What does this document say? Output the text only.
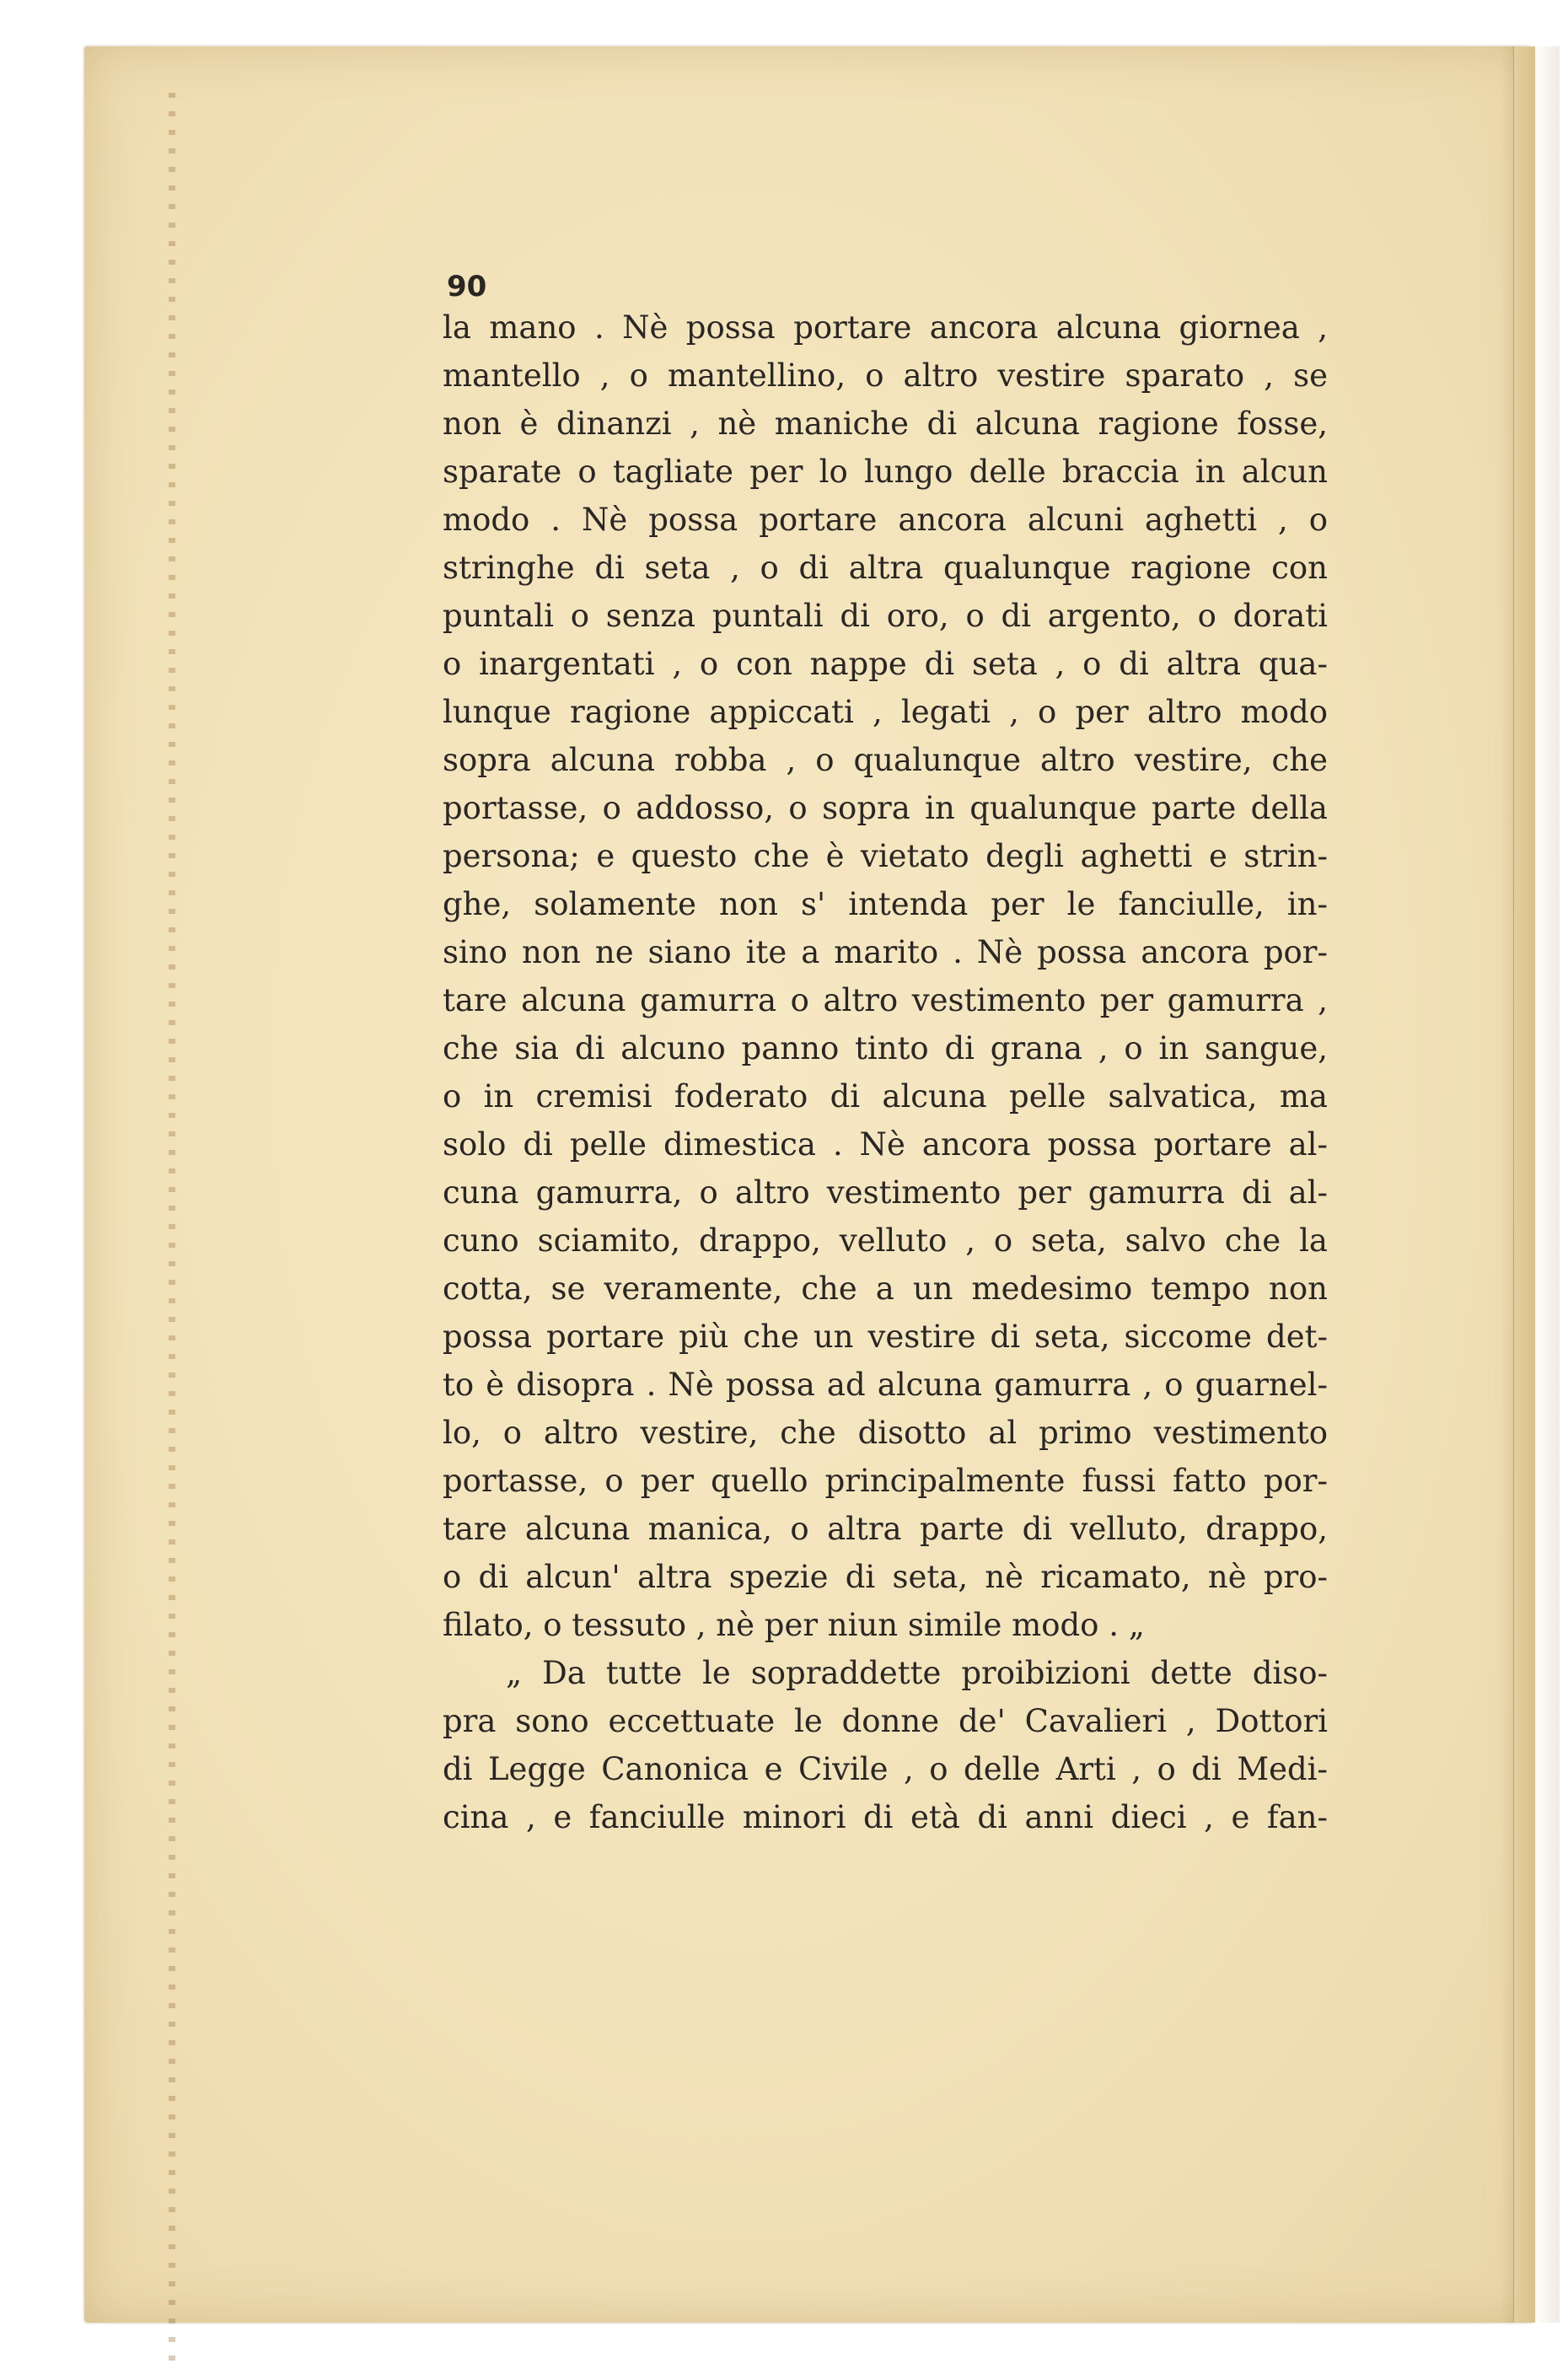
90
la mano . Nè possa portare ancora alcuna giornea ,
mantello , o mantellino, o altro vestire sparato , se
non è dinanzi , nè maniche di alcuna ragione fosse,
sparate o tagliate per lo lungo delle braccia in alcun
modo . Nè possa portare ancora alcuni aghetti , o
stringhe di seta , o di altra qualunque ragione con
puntali o senza puntali di oro, o di argento, o dorati
o inargentati , o con nappe di seta , o di altra qua-
lunque ragione appiccati , legati , o per altro modo
sopra alcuna robba , o qualunque altro vestire, che
portasse, o addosso, o sopra in qualunque parte della
persona; e questo che è vietato degli aghetti e strin-
ghe, solamente non s' intenda per le fanciulle, in-
sino non ne siano ite a marito . Nè possa ancora por-
tare alcuna gamurra o altro vestimento per gamurra ,
che sia di alcuno panno tinto di grana , o in sangue,
o in cremisi foderato di alcuna pelle salvatica, ma
solo di pelle dimestica . Nè ancora possa portare al-
cuna gamurra, o altro vestimento per gamurra di al-
cuno sciamito, drappo, velluto , o seta, salvo che la
cotta, se veramente, che a un medesimo tempo non
possa portare più che un vestire di seta, siccome det-
to è disopra . Nè possa ad alcuna gamurra , o guarnel-
lo, o altro vestire, che disotto al primo vestimento
portasse, o per quello principalmente fussi fatto por-
tare alcuna manica, o altra parte di velluto, drappo,
o di alcun' altra spezie di seta, nè ricamato, nè pro-
filato, o tessuto , nè per niun simile modo . „
„ Da tutte le sopraddette proibizioni dette diso-
pra sono eccettuate le donne de' Cavalieri , Dottori
di Legge Canonica e Civile , o delle Arti , o di Medi-
cina , e fanciulle minori di età di anni dieci , e fan-
